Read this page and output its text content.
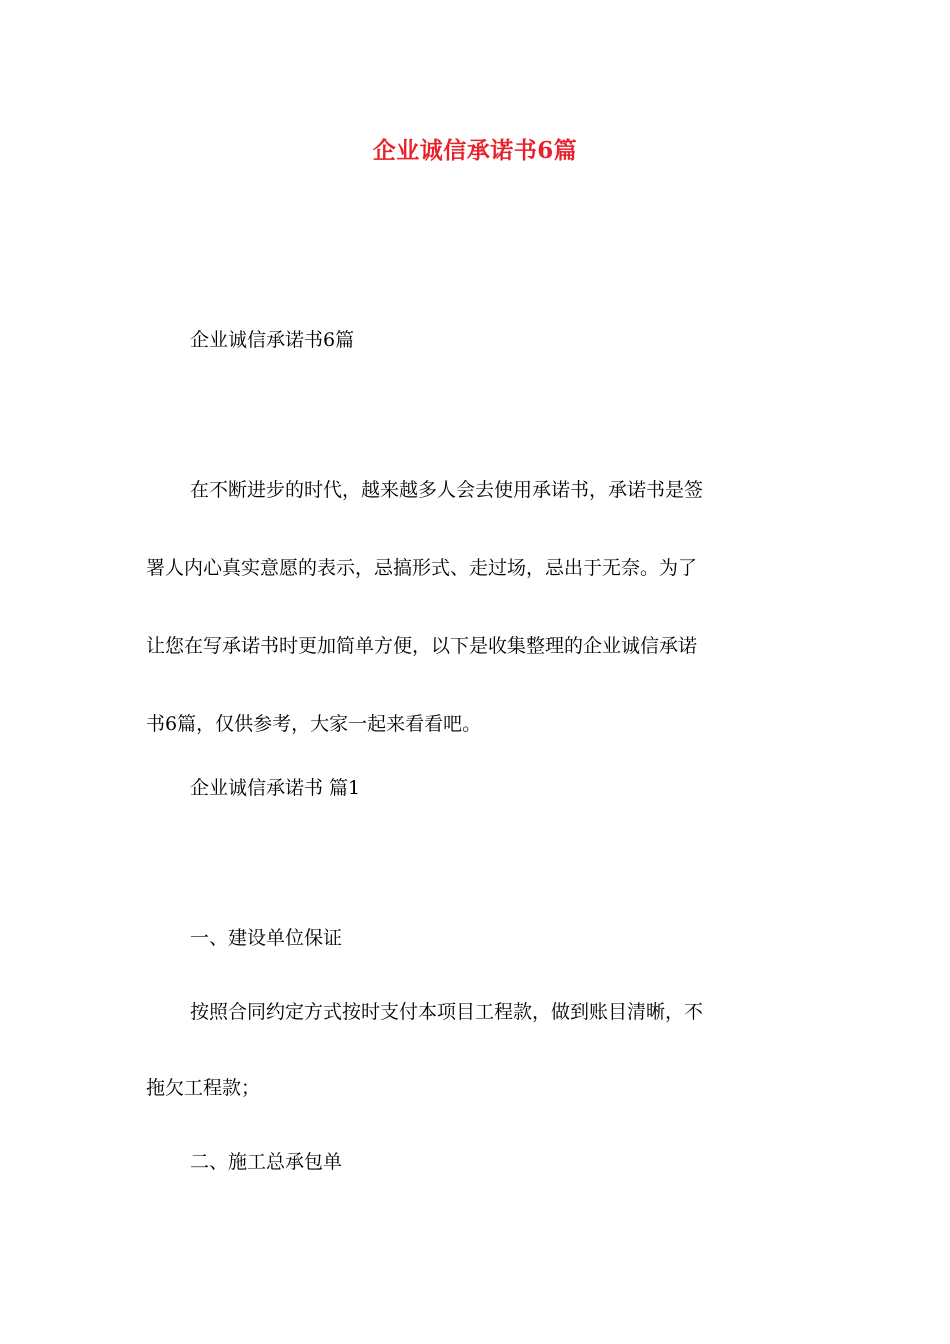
企业诚信承诺书6篇

企业诚信承诺书6篇

在不断进步的时代，越来越多人会去使用承诺书，承诺书是签
署人内心真实意愿的表示，忌搞形式、走过场，忌出于无奈。为了
让您在写承诺书时更加简单方便，以下是收集整理的企业诚信承诺
书6篇，仅供参考，大家一起来看看吧。

企业诚信承诺书 篇1

一、建设单位保证

按照合同约定方式按时支付本项目工程款，做到账目清晰，不
拖欠工程款；

二、施工总承包单
